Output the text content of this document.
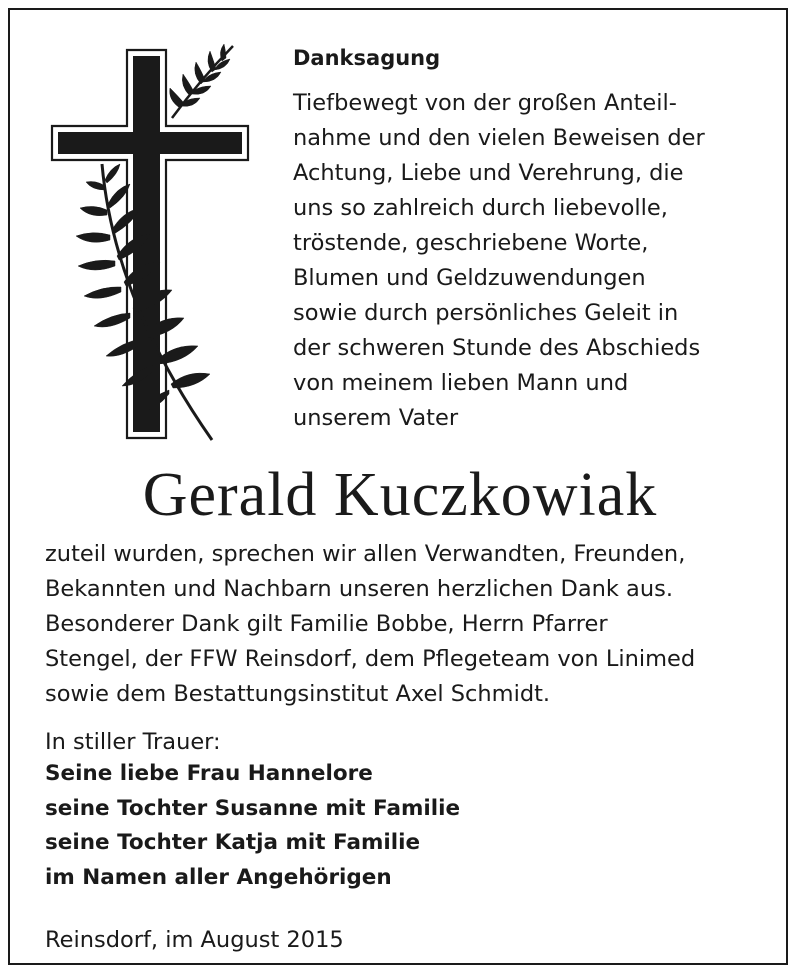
Danksagung
Tiefbewegt von der großen Anteil-
nahme und den vielen Beweisen der
Achtung, Liebe und Verehrung, die
uns so zahlreich durch liebevolle,
tröstende, geschriebene Worte,
Blumen und Geldzuwendungen
sowie durch persönliches Geleit in
der schweren Stunde des Abschieds
von meinem lieben Mann und
unserem Vater
Gerald Kuczkowiak
zuteil wurden, sprechen wir allen Verwandten, Freunden,
Bekannten und Nachbarn unseren herzlichen Dank aus.
Besonderer Dank gilt Familie Bobbe, Herrn Pfarrer
Stengel, der FFW Reinsdorf, dem Pflegeteam von Linimed
sowie dem Bestattungsinstitut Axel Schmidt.
In stiller Trauer:
Seine liebe Frau Hannelore
seine Tochter Susanne mit Familie
seine Tochter Katja mit Familie
im Namen aller Angehörigen
Reinsdorf, im August 2015
